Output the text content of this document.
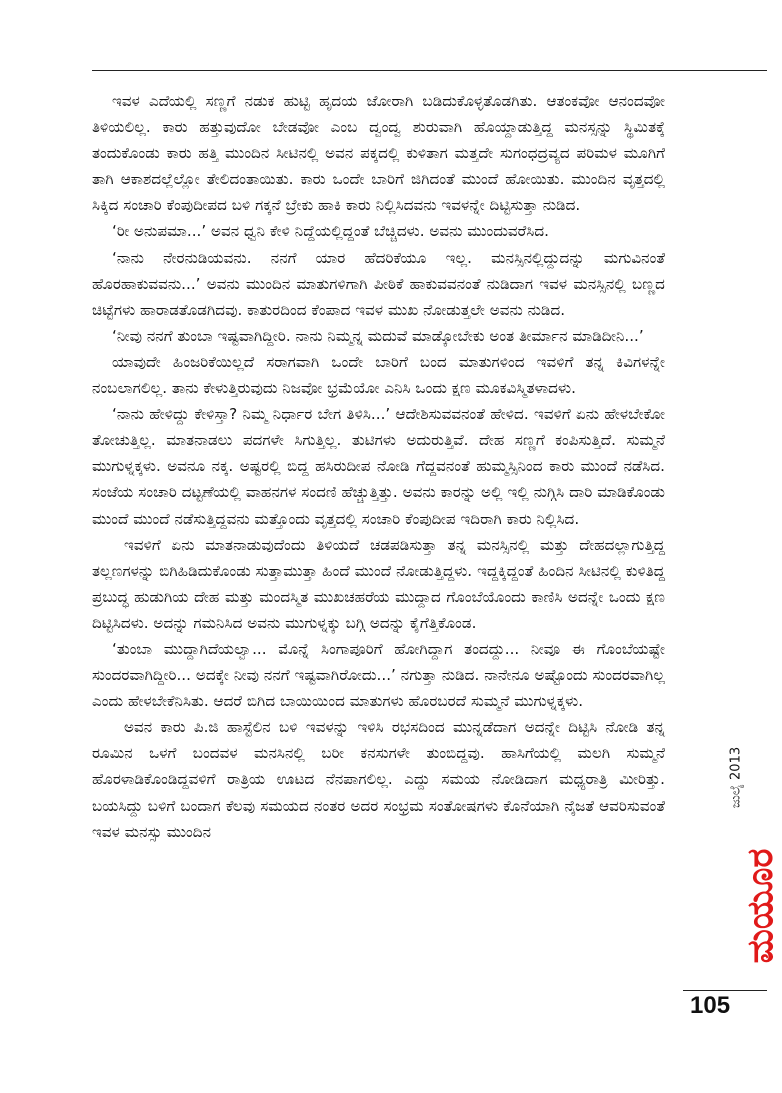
ಇವಳ ಎದೆಯಲ್ಲಿ ಸಣ್ಣಗೆ ನಡುಕ ಹುಟ್ಟಿ ಹೃದಯ ಜೋರಾಗಿ ಬಡಿದುಕೊಳ್ಳತೊಡಗಿತು. ಆತಂಕವೋ ಆನಂದವೋ ತಿಳಿಯಲಿಲ್ಲ. ಕಾರು ಹತ್ತುವುದೋ ಬೇಡವೋ ಎಂಬ ದ್ವಂದ್ವ ಶುರುವಾಗಿ ಹೊಯ್ದಾಡುತ್ತಿದ್ದ ಮನಸ್ಸನ್ನು ಸ್ಥಿಮಿತಕ್ಕೆ ತಂದುಕೊಂಡು ಕಾರು ಹತ್ತಿ ಮುಂದಿನ ಸೀಟಿನಲ್ಲಿ ಅವನ ಪಕ್ಕದಲ್ಲಿ ಕುಳಿತಾಗ ಮತ್ತದೇ ಸುಗಂಧದ್ರವ್ಯದ ಪರಿಮಳ ಮೂಗಿಗೆ ತಾಗಿ ಆಕಾಶದಲ್ಲೆಲ್ಲೋ ತೇಲಿದಂತಾಯಿತು. ಕಾರು ಒಂದೇ ಬಾರಿಗೆ ಜಿಗಿದಂತೆ ಮುಂದೆ ಹೋಯಿತು. ಮುಂದಿನ ವೃತ್ತದಲ್ಲಿ ಸಿಕ್ಕಿದ ಸಂಚಾರಿ ಕೆಂಪುದೀಪದ ಬಳಿ ಗಕ್ಕನೆ ಬ್ರೇಕು ಹಾಕಿ ಕಾರು ನಿಲ್ಲಿಸಿದವನು ಇವಳನ್ನೇ ದಿಟ್ಟಿಸುತ್ತಾ ನುಡಿದ.

‘ರೀ ಅನುಪಮಾ...’ ಅವನ ಧ್ವನಿ ಕೇಳಿ ನಿದ್ದೆಯಲ್ಲಿದ್ದಂತೆ ಬೆಚ್ಚಿದಳು. ಅವನು ಮುಂದುವರೆಸಿದ.

‘ನಾನು ನೇರನುಡಿಯವನು. ನನಗೆ ಯಾರ ಹೆದರಿಕೆಯೂ ಇಲ್ಲ. ಮನಸ್ಸಿನಲ್ಲಿದ್ದುದನ್ನು ಮಗುವಿನಂತೆ ಹೊರಹಾಕುವವನು...’ ಅವನು ಮುಂದಿನ ಮಾತುಗಳಿಗಾಗಿ ಪೀಠಿಕೆ ಹಾಕುವವನಂತೆ ನುಡಿದಾಗ ಇವಳ ಮನಸ್ಸಿನಲ್ಲಿ ಬಣ್ಣದ ಚಿಟ್ಟೆಗಳು ಹಾರಾಡತೊಡಗಿದವು. ಕಾತುರದಿಂದ ಕೆಂಪಾದ ಇವಳ ಮುಖ ನೋಡುತ್ತಲೇ ಅವನು ನುಡಿದ.

‘ನೀವು ನನಗೆ ತುಂಬಾ ಇಷ್ಟವಾಗಿದ್ದೀರಿ. ನಾನು ನಿಮ್ಮನ್ನ ಮದುವೆ ಮಾಡ್ಕೋಬೇಕು ಅಂತ ತೀರ್ಮಾನ ಮಾಡಿದೀನಿ...’

ಯಾವುದೇ ಹಿಂಜರಿಕೆಯಿಲ್ಲದೆ ಸರಾಗವಾಗಿ ಒಂದೇ ಬಾರಿಗೆ ಬಂದ ಮಾತುಗಳಿಂದ ಇವಳಿಗೆ ತನ್ನ ಕಿವಿಗಳನ್ನೇ ನಂಬಲಾಗಲಿಲ್ಲ. ತಾನು ಕೇಳುತ್ತಿರುವುದು ನಿಜವೋ ಭ್ರಮೆಯೋ ಎನಿಸಿ ಒಂದು ಕ್ಷಣ ಮೂಕವಿಸ್ಮಿತಳಾದಳು.

‘ನಾನು ಹೇಳಿದ್ದು ಕೇಳಿಸ್ತಾ? ನಿಮ್ಮ ನಿರ್ಧಾರ ಬೇಗ ತಿಳಿಸಿ...’ ಆದೇಶಿಸುವವನಂತೆ ಹೇಳಿದ. ಇವಳಿಗೆ ಏನು ಹೇಳಬೇಕೋ ತೋಚುತ್ತಿಲ್ಲ. ಮಾತನಾಡಲು ಪದಗಳೇ ಸಿಗುತ್ತಿಲ್ಲ. ತುಟಿಗಳು ಅದುರುತ್ತಿವೆ. ದೇಹ ಸಣ್ಣಗೆ ಕಂಪಿಸುತ್ತಿದೆ. ಸುಮ್ಮನೆ ಮುಗುಳ್ನಕ್ಕಳು. ಅವನೂ ನಕ್ಕ. ಅಷ್ಟರಲ್ಲಿ ಬಿದ್ದ ಹಸಿರುದೀಪ ನೋಡಿ ಗೆದ್ದವನಂತೆ ಹುಮ್ಮಸ್ಸಿನಿಂದ ಕಾರು ಮುಂದೆ ನಡೆಸಿದ. ಸಂಜೆಯ ಸಂಚಾರಿ ದಟ್ಟಣೆಯಲ್ಲಿ ವಾಹನಗಳ ಸಂದಣಿ ಹೆಚ್ಚುತ್ತಿತ್ತು. ಅವನು ಕಾರನ್ನು ಅಲ್ಲಿ ಇಲ್ಲಿ ನುಗ್ಗಿಸಿ ದಾರಿ ಮಾಡಿಕೊಂಡು ಮುಂದೆ ಮುಂದೆ ನಡೆಸುತ್ತಿದ್ದವನು ಮತ್ತೊಂದು ವೃತ್ತದಲ್ಲಿ ಸಂಚಾರಿ ಕೆಂಪುದೀಪ ಇದಿರಾಗಿ ಕಾರು ನಿಲ್ಲಿಸಿದ.

ಇವಳಿಗೆ ಏನು ಮಾತನಾಡುವುದೆಂದು ತಿಳಿಯದೆ ಚಡಪಡಿಸುತ್ತಾ ತನ್ನ ಮನಸ್ಸಿನಲ್ಲಿ ಮತ್ತು ದೇಹದಲ್ಲಾಗುತ್ತಿದ್ದ ತಲ್ಲಣಗಳನ್ನು ಬಿಗಿಹಿಡಿದುಕೊಂಡು ಸುತ್ತಾಮುತ್ತಾ ಹಿಂದೆ ಮುಂದೆ ನೋಡುತ್ತಿದ್ದಳು. ಇದ್ದಕ್ಕಿದ್ದಂತೆ ಹಿಂದಿನ ಸೀಟಿನಲ್ಲಿ ಕುಳಿತಿದ್ದ ಪ್ರಬುದ್ಧ ಹುಡುಗಿಯ ದೇಹ ಮತ್ತು ಮಂದಸ್ಮಿತ ಮುಖಚಹರೆಯ ಮುದ್ದಾದ ಗೊಂಬೆಯೊಂದು ಕಾಣಿಸಿ ಅದನ್ನೇ ಒಂದು ಕ್ಷಣ ದಿಟ್ಟಿಸಿದಳು. ಅದನ್ನು ಗಮನಿಸಿದ ಅವನು ಮುಗುಳ್ನಕ್ಕು ಬಗ್ಗಿ ಅದನ್ನು ಕೈಗೆತ್ತಿಕೊಂಡ.

‘ತುಂಬಾ ಮುದ್ದಾಗಿದೆಯಲ್ವಾ... ಮೊನ್ನೆ ಸಿಂಗಾಪೂರಿಗೆ ಹೋಗಿದ್ದಾಗ ತಂದದ್ದು... ನೀವೂ ಈ ಗೊಂಬೆಯಷ್ಟೇ ಸುಂದರವಾಗಿದ್ದೀರಿ... ಅದಕ್ಕೇ ನೀವು ನನಗೆ ಇಷ್ಟವಾಗಿರೋದು...’ ನಗುತ್ತಾ ನುಡಿದ. ನಾನೇನೂ ಅಷ್ಟೊಂದು ಸುಂದರವಾಗಿಲ್ಲ ಎಂದು ಹೇಳಬೇಕೆನಿಸಿತು. ಆದರೆ ಬಿಗಿದ ಬಾಯಿಯಿಂದ ಮಾತುಗಳು ಹೊರಬರದೆ ಸುಮ್ಮನೆ ಮುಗುಳ್ನಕ್ಕಳು.

ಅವನ ಕಾರು ಪಿ.ಜಿ ಹಾಸ್ಟೆಲಿನ ಬಳಿ ಇವಳನ್ನು ಇಳಿಸಿ ರಭಸದಿಂದ ಮುನ್ನಡೆದಾಗ ಅದನ್ನೇ ದಿಟ್ಟಿಸಿ ನೋಡಿ ತನ್ನ ರೂಮಿನ ಒಳಗೆ ಬಂದವಳ ಮನಸಿನಲ್ಲಿ ಬರೀ ಕನಸುಗಳೇ ತುಂಬಿದ್ದವು. ಹಾಸಿಗೆಯಲ್ಲಿ ಮಲಗಿ ಸುಮ್ಮನೆ ಹೊರಳಾಡಿಕೊಂಡಿದ್ದವಳಿಗೆ ರಾತ್ರಿಯ ಊಟದ ನೆನಪಾಗಲಿಲ್ಲ. ಎದ್ದು ಸಮಯ ನೋಡಿದಾಗ ಮಧ್ಯರಾತ್ರಿ ಮೀರಿತ್ತು. ಬಯಸಿದ್ದು ಬಳಿಗೆ ಬಂದಾಗ ಕೆಲವು ಸಮಯದ ನಂತರ ಅದರ ಸಂಭ್ರಮ ಸಂತೋಷಗಳು ಕೊನೆಯಾಗಿ ನೈಜತೆ ಆವರಿಸುವಂತೆ ಇವಳ ಮನಸ್ಸು ಮುಂದಿನ

ಜುಲೈ 2013
ಮಯೂರ
105
